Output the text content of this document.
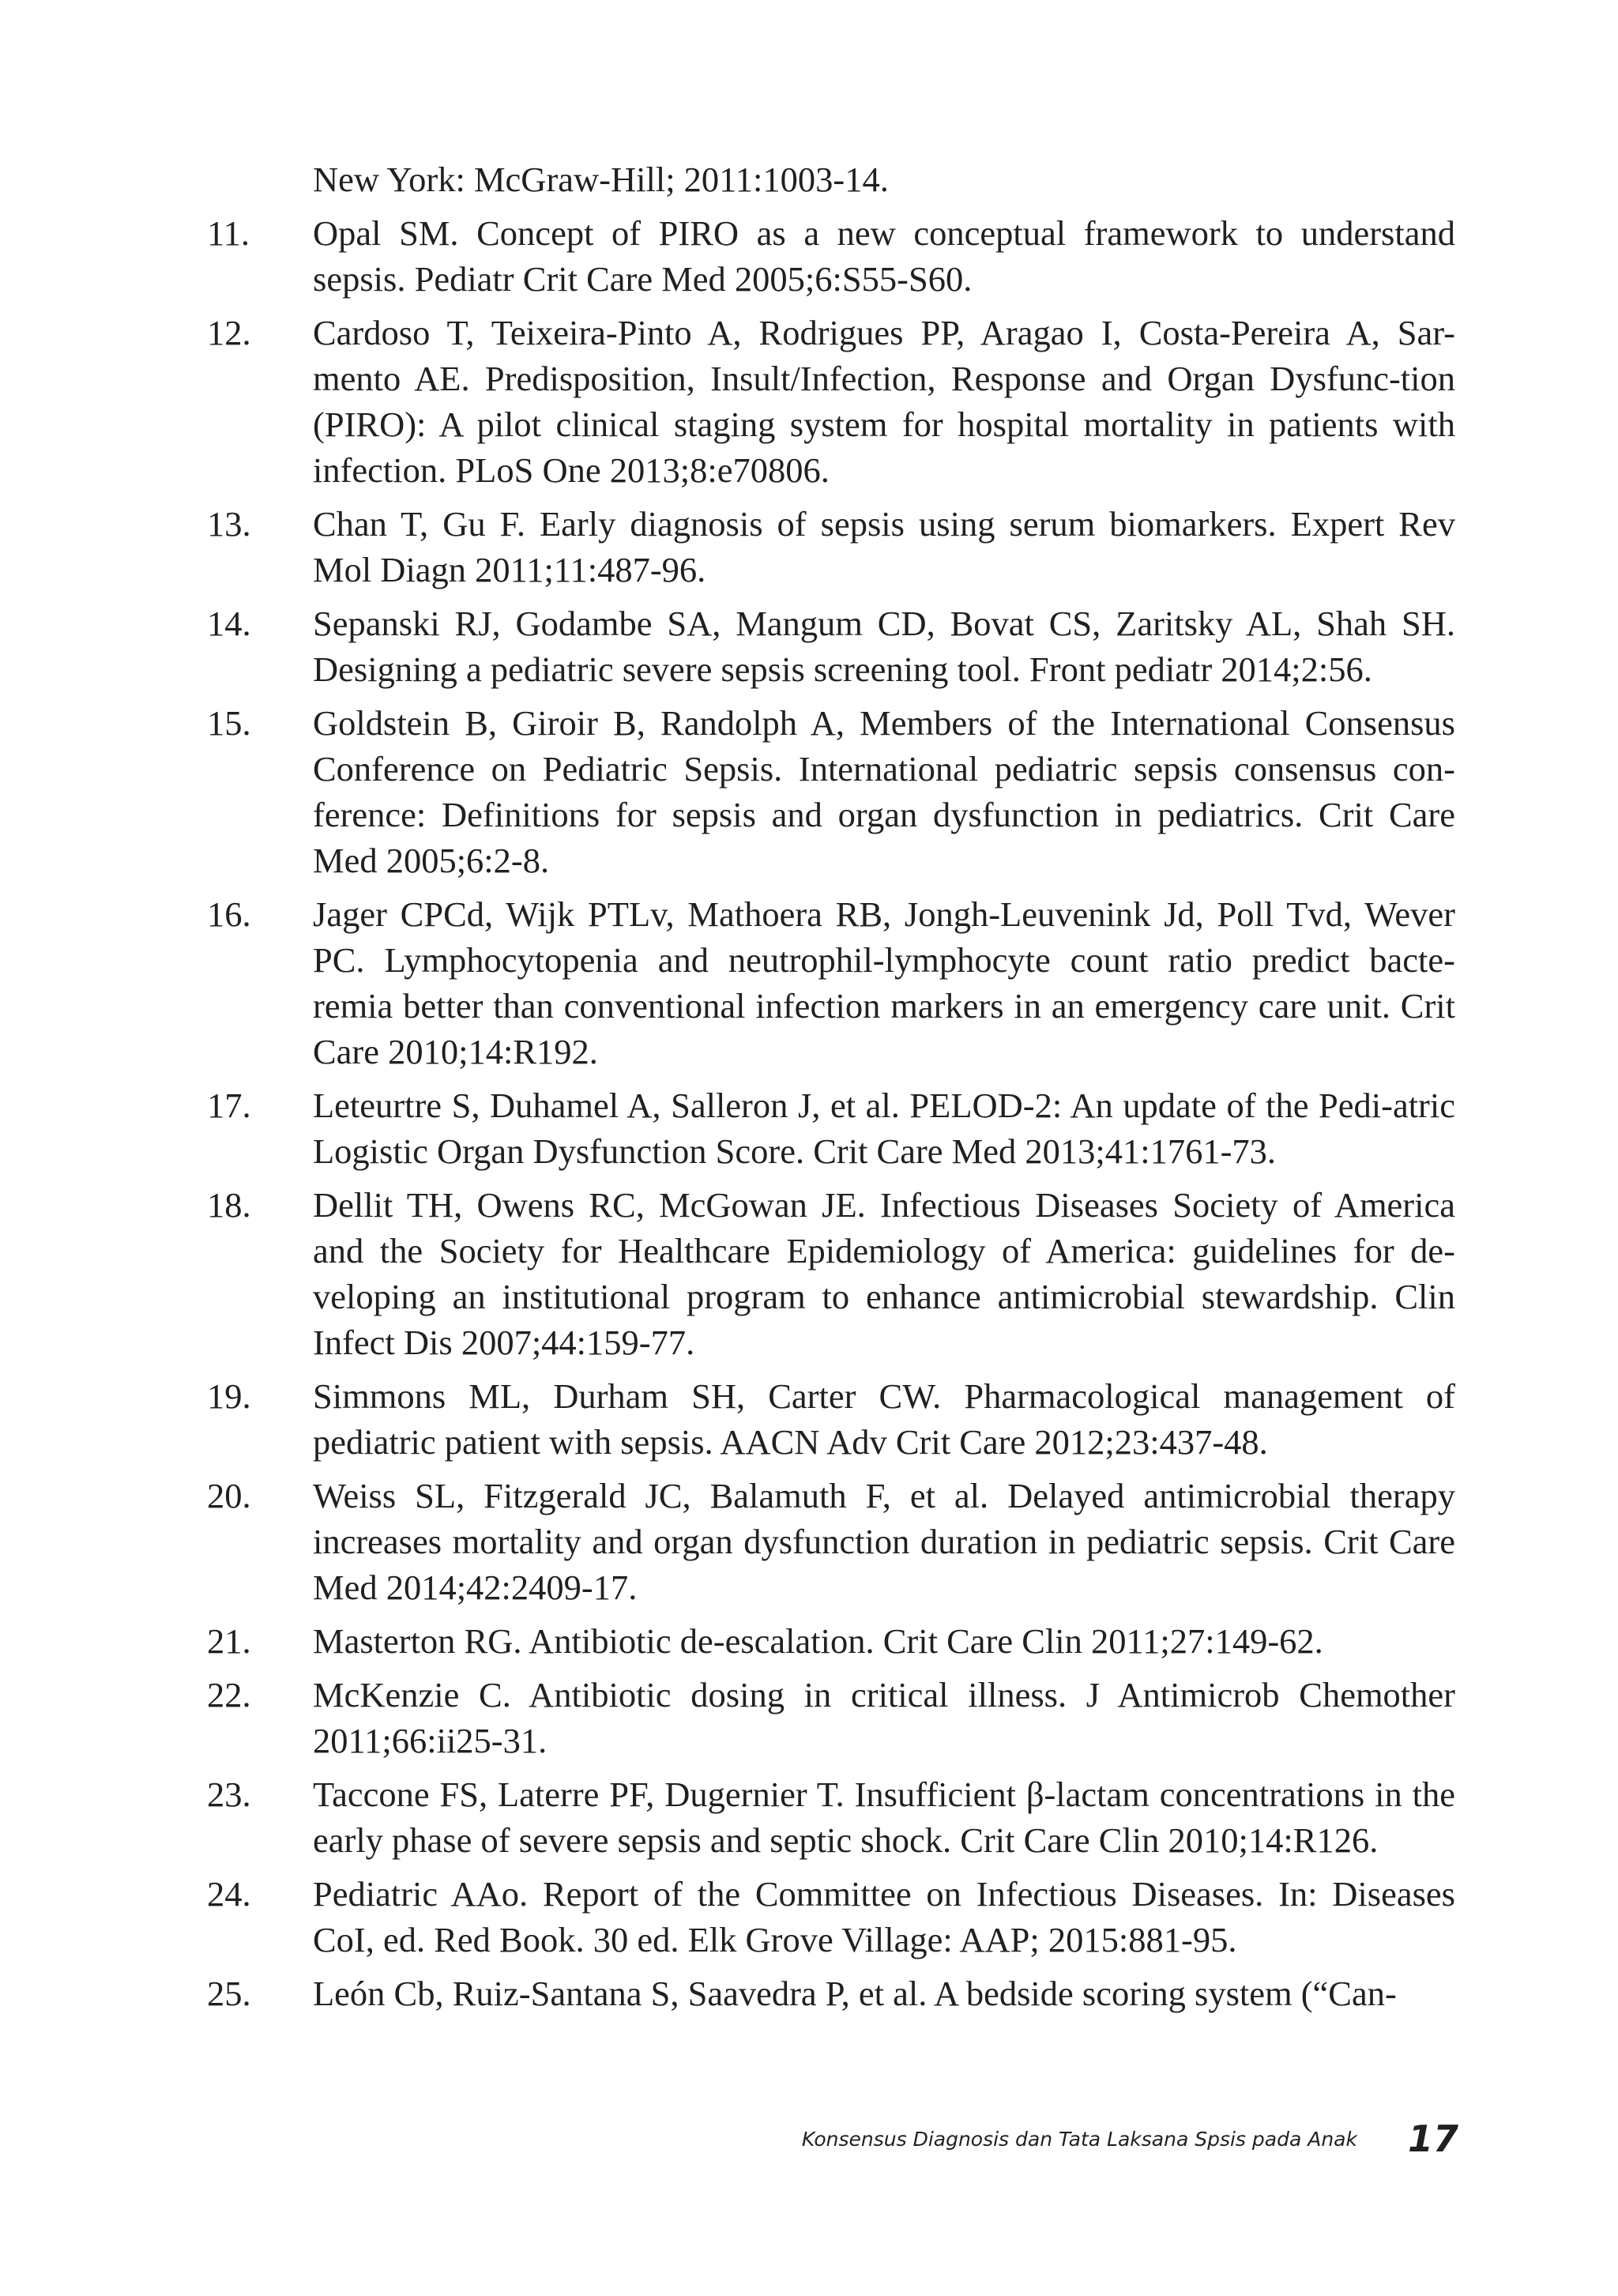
New York: McGraw-Hill; 2011:1003-14.
11.	Opal SM. Concept of PIRO as a new conceptual framework to understand sepsis. Pediatr Crit Care Med 2005;6:S55-S60.
12.	Cardoso T, Teixeira-Pinto A, Rodrigues PP, Aragao I, Costa-Pereira A, Sar-mento AE. Predisposition, Insult/Infection, Response and Organ Dysfunc-tion (PIRO): A pilot clinical staging system for hospital mortality in patients with infection. PLoS One 2013;8:e70806.
13.	Chan T, Gu F. Early diagnosis of sepsis using serum biomarkers. Expert Rev Mol Diagn 2011;11:487-96.
14.	Sepanski RJ, Godambe SA, Mangum CD, Bovat CS, Zaritsky AL, Shah SH. Designing a pediatric severe sepsis screening tool. Front pediatr 2014;2:56.
15.	Goldstein B, Giroir B, Randolph A, Members of the International Consensus Conference on Pediatric Sepsis. International pediatric sepsis consensus con-ference: Definitions for sepsis and organ dysfunction in pediatrics. Crit Care Med 2005;6:2-8.
16.	Jager CPCd, Wijk PTLv, Mathoera RB, Jongh-Leuvenink Jd, Poll Tvd, Wever PC. Lymphocytopenia and neutrophil-lymphocyte count ratio predict bacte-remia better than conventional infection markers in an emergency care unit. Crit Care 2010;14:R192.
17.	Leteurtre S, Duhamel A, Salleron J, et al. PELOD-2: An update of the Pedi-atric Logistic Organ Dysfunction Score. Crit Care Med 2013;41:1761-73.
18.	Dellit TH, Owens RC, McGowan JE. Infectious Diseases Society of America and the Society for Healthcare Epidemiology of America: guidelines for de-veloping an institutional program to enhance antimicrobial stewardship. Clin Infect Dis 2007;44:159-77.
19.	Simmons ML, Durham SH, Carter CW. Pharmacological management of pediatric patient with sepsis. AACN Adv Crit Care 2012;23:437-48.
20.	Weiss SL, Fitzgerald JC, Balamuth F, et al. Delayed antimicrobial therapy increases mortality and organ dysfunction duration in pediatric sepsis. Crit Care Med 2014;42:2409-17.
21.	Masterton RG. Antibiotic de-escalation. Crit Care Clin 2011;27:149-62.
22.	McKenzie C. Antibiotic dosing in critical illness. J Antimicrob Chemother 2011;66:ii25-31.
23.	Taccone FS, Laterre PF, Dugernier T. Insufficient β-lactam concentrations in the early phase of severe sepsis and septic shock. Crit Care Clin 2010;14:R126.
24.	Pediatric AAo. Report of the Committee on Infectious Diseases. In: Diseases CoI, ed. Red Book. 30 ed. Elk Grove Village: AAP; 2015:881-95.
25.	León Cb, Ruiz-Santana S, Saavedra P, et al. A bedside scoring system (“Can-
Konsensus Diagnosis dan Tata Laksana Spsis pada Anak 17
